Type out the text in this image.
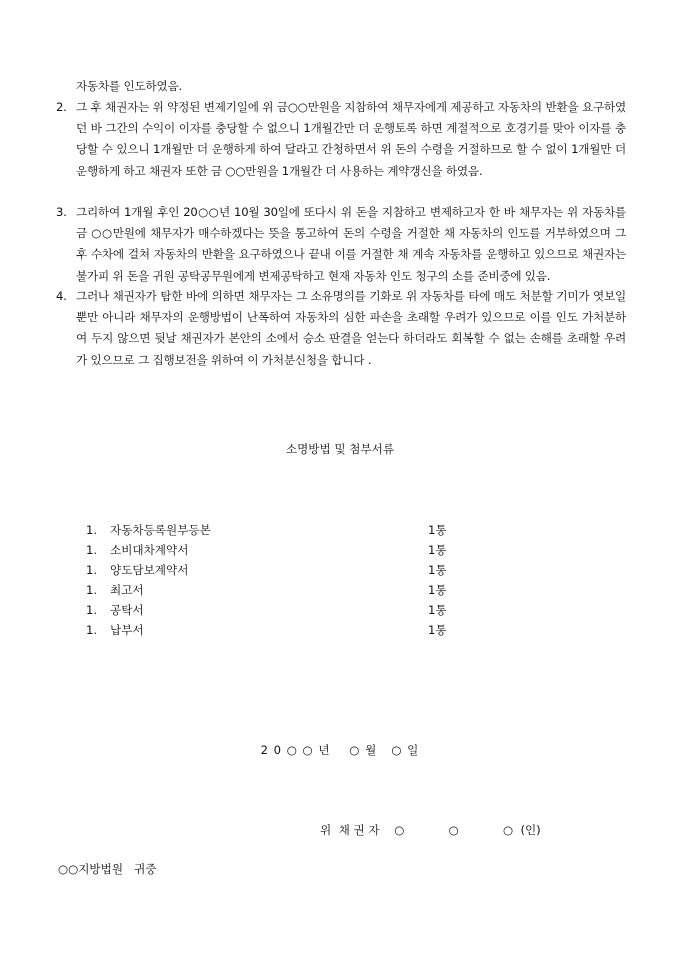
자동차를 인도하였음.
2. 그 후 채권자는 위 약정된 변제기일에 위 금○○만원을 지참하여 채무자에게 제공하고 자동차의 반환을 요구하였던 바 그간의 수익이 이자를 충당할 수 없으니 1개월간만 더 운행토록 하면 계절적으로 호경기를 맞아 이자를 충당할 수 있으니 1개월만 더 운행하게 하여 달라고 간청하면서 위 돈의 수령을 거절하므로 할 수 없이 1개월만 더 운행하게 하고 채권자 또한 금 ○○만원을 1개월간 더 사용하는 계약갱신을 하였음.
3. 그리하여 1개월 후인 20○○년 10월 30일에 또다시 위 돈을 지참하고 변제하고자 한 바 채무자는 위 자동차를 금 ○○만원에 채무자가 매수하겠다는 뜻을 통고하여 돈의 수령을 거절한 채 자동차의 인도를 거부하였으며 그 후 수차에 걸쳐 자동차의 반환을 요구하였으나 끝내 이를 거절한 채 계속 자동차를 운행하고 있으므로 채권자는 불가피 위 돈을 귀원 공탁공무원에게 변제공탁하고 현재 자동차 인도 청구의 소를 준비중에 있음.
4. 그러나 채권자가 탐한 바에 의하면 채무자는 그 소유명의를 기화로 위 자동차를 타에 매도 처분할 기미가 엿보일 뿐만 아니라 채무자의 운행방법이 난폭하여 자동차의 심한 파손을 초래할 우려가 있으므로 이를 인도 가처분하여 두지 않으면 뒷날 채권자가 본안의 소에서 승소 판결을 얻는다 하더라도 회복할 수 없는 손해를 초래할 우려가 있으므로 그 집행보전을 위하여 이 가처분신청을 합니다 .
소명방법 및 첨부서류
1. 자동차등록원부등본	1통
1. 소비대차계약서	1통
1. 양도담보계약서	1통
1. 최고서	1통
1. 공탁서	1통
1. 납부서	1통
2 0 ○ ○ 년    ○ 월   ○ 일
위  채 권 자    ○            ○            ○  (인)
○○지방법원   귀중
